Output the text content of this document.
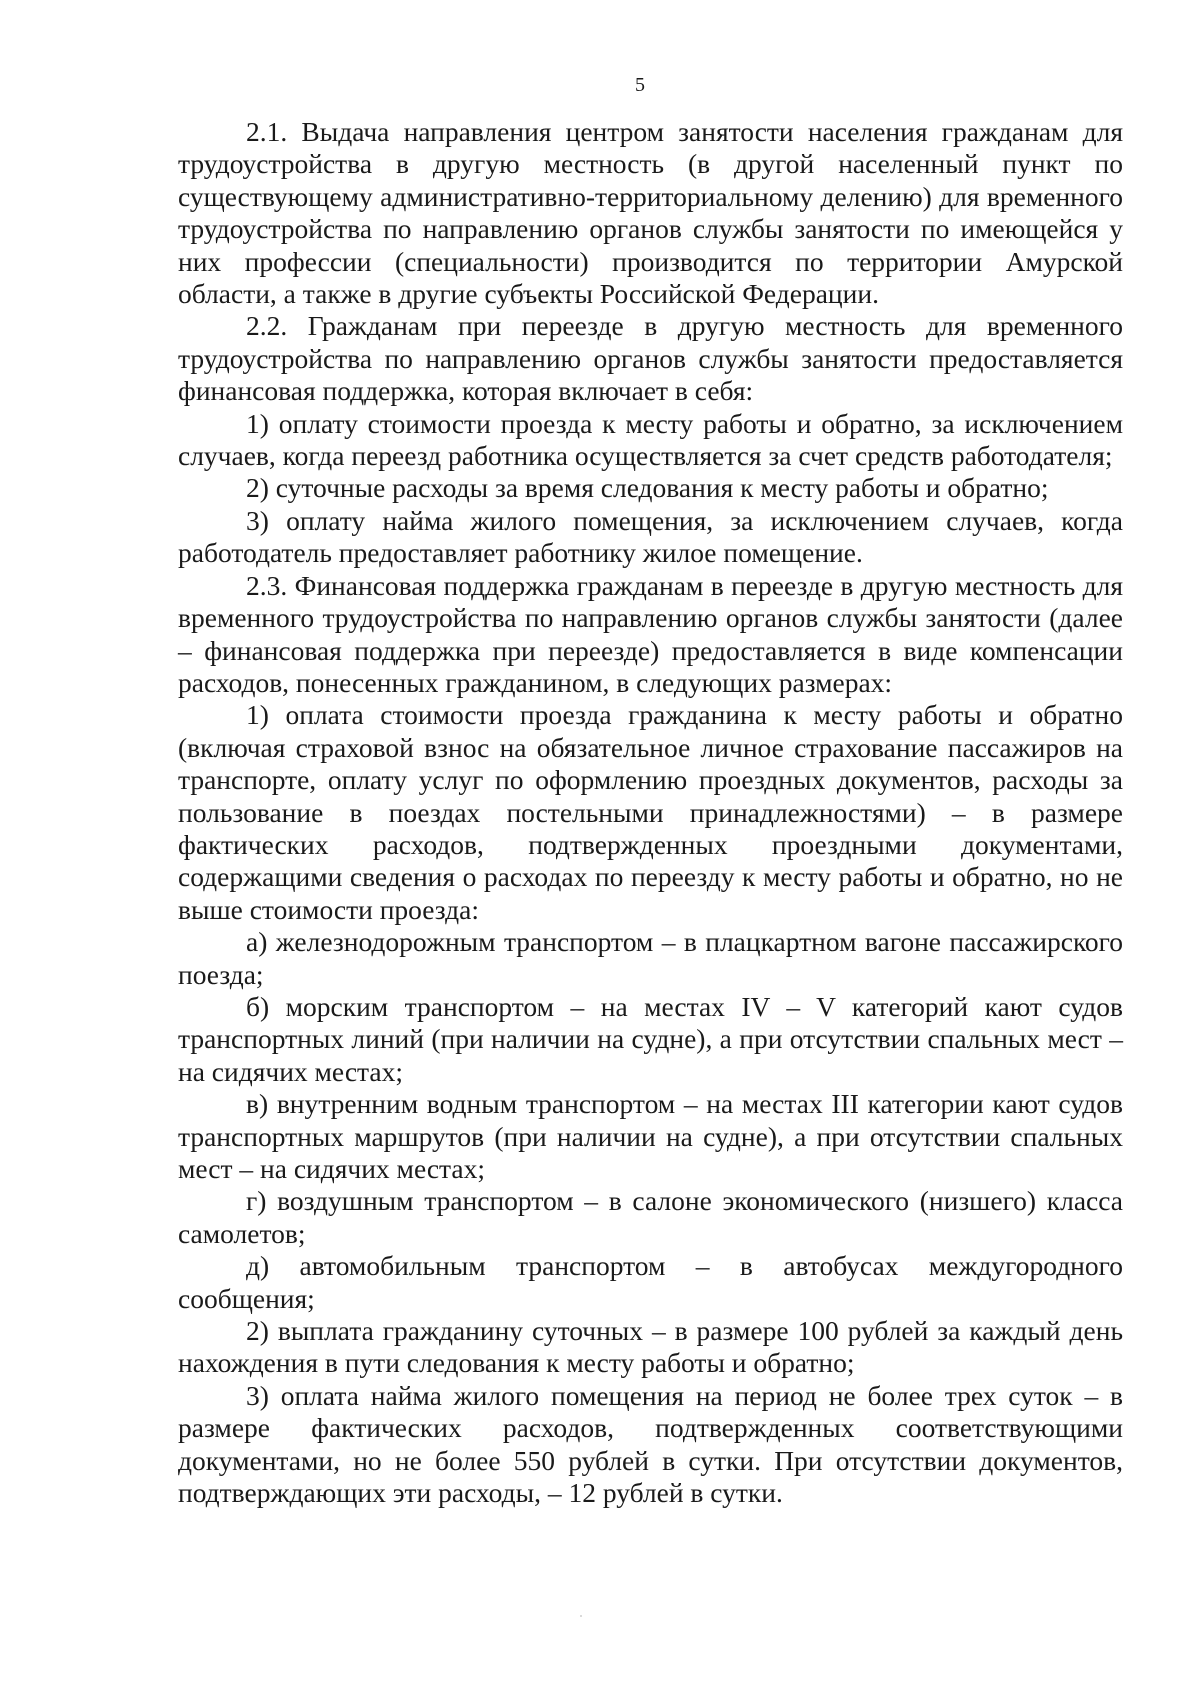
5

2.1. Выдача направления центром занятости населения гражданам для трудоустройства в другую местность (в другой населенный пункт по существующему административно-территориальному делению) для временного трудоустройства по направлению органов службы занятости по имеющейся у них профессии (специальности) производится по территории Амурской области, а также в другие субъекты Российской Федерации.

2.2. Гражданам при переезде в другую местность для временного трудоустройства по направлению органов службы занятости предоставляется финансовая поддержка, которая включает в себя:

1) оплату стоимости проезда к месту работы и обратно, за исключением случаев, когда переезд работника осуществляется за счет средств работодателя;

2) суточные расходы за время следования к месту работы и обратно;

3) оплату найма жилого помещения, за исключением случаев, когда работодатель предоставляет работнику жилое помещение.

2.3. Финансовая поддержка гражданам в переезде в другую местность для временного трудоустройства по направлению органов службы занятости (далее – финансовая поддержка при переезде) предоставляется в виде компенсации расходов, понесенных гражданином, в следующих размерах:

1) оплата стоимости проезда гражданина к месту работы и обратно (включая страховой взнос на обязательное личное страхование пассажиров на транспорте, оплату услуг по оформлению проездных документов, расходы за пользование в поездах постельными принадлежностями) – в размере фактических расходов, подтвержденных проездными документами, содержащими сведения о расходах по переезду к месту работы и обратно, но не выше стоимости проезда:

а) железнодорожным транспортом – в плацкартном вагоне пассажирского поезда;

б) морским транспортом – на местах IV – V категорий кают судов транспортных линий (при наличии на судне), а при отсутствии спальных мест – на сидячих местах;

в) внутренним водным транспортом – на местах III категории кают судов транспортных маршрутов (при наличии на судне), а при отсутствии спальных мест – на сидячих местах;

г) воздушным транспортом – в салоне экономического (низшего) класса самолетов;

д) автомобильным транспортом – в автобусах междугородного сообщения;

2) выплата гражданину суточных – в размере 100 рублей за каждый день нахождения в пути следования к месту работы и обратно;

3) оплата найма жилого помещения на период не более трех суток – в размере фактических расходов, подтвержденных соответствующими документами, но не более 550 рублей в сутки. При отсутствии документов, подтверждающих эти расходы, – 12 рублей в сутки.
